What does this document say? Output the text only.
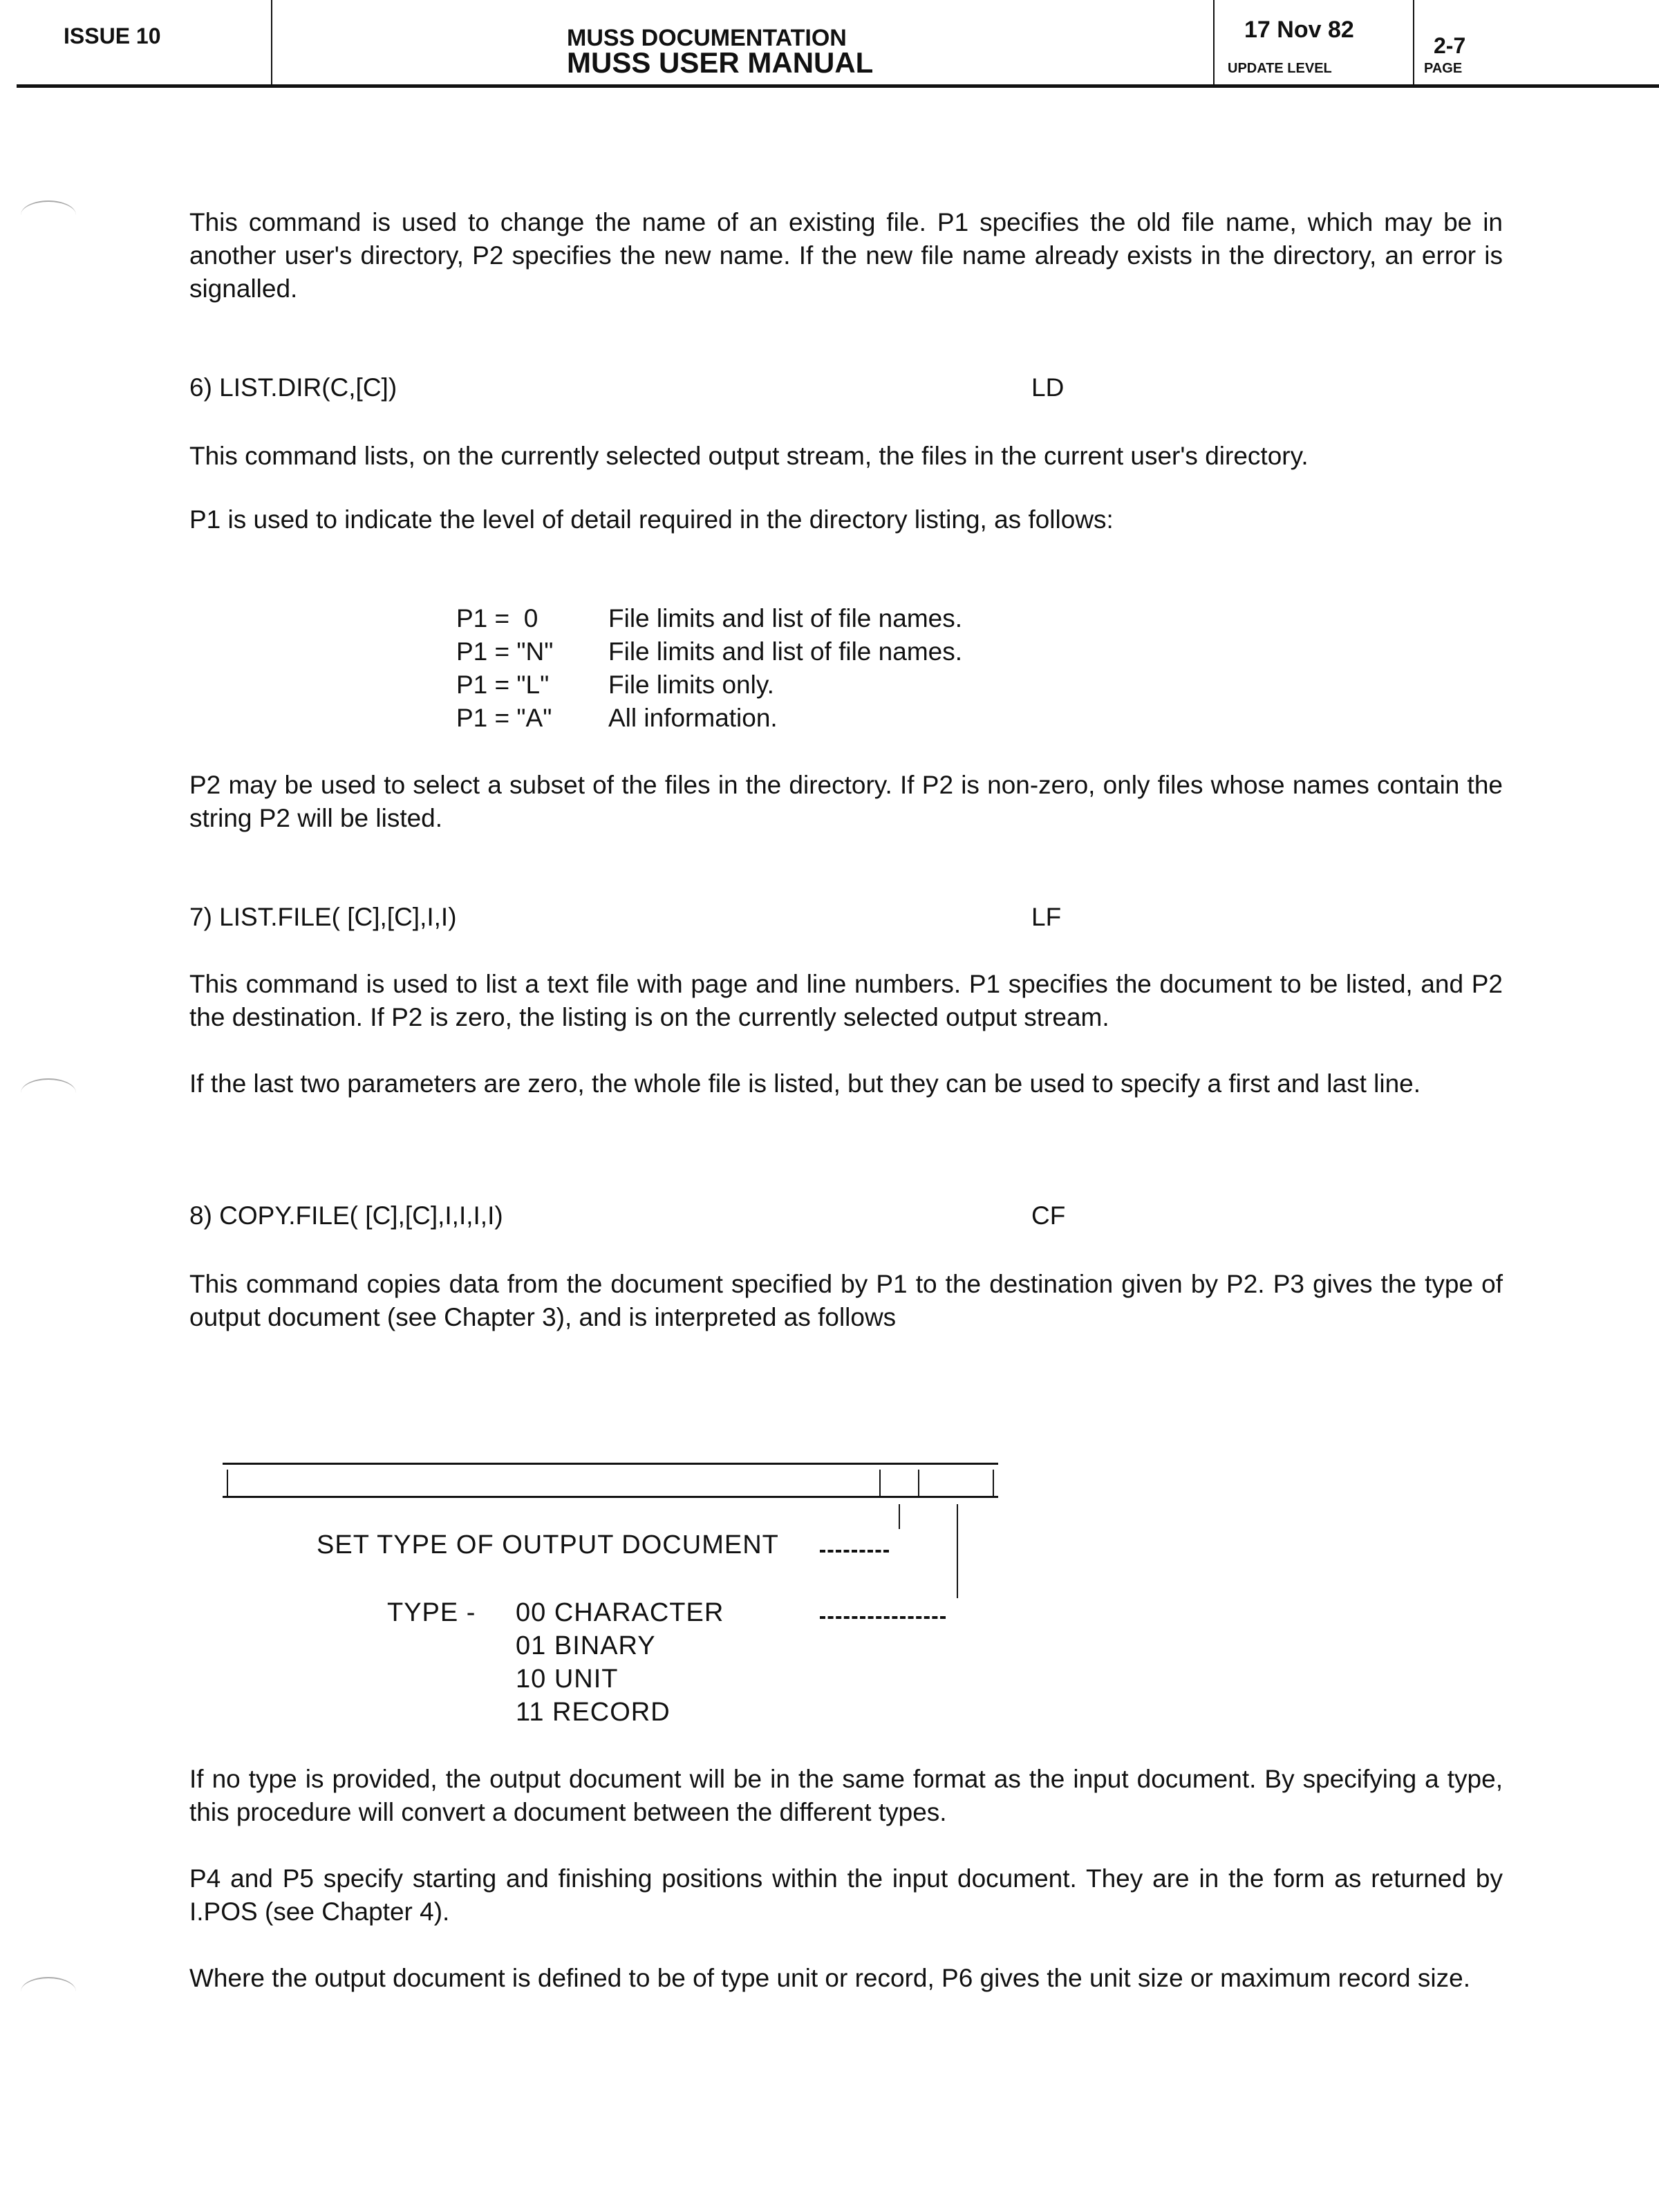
ISSUE 10	MUSS DOCUMENTATION
MUSS USER MANUAL
17 Nov 82
UPDATE LEVEL
2-7
PAGE
This command is used to change the name of an existing file. P1 specifies the old file name, which may be in another user's directory, P2 specifies the new name. If the new file name already exists in the directory, an error is signalled.
6) LIST.DIR(C,[C])	LD
This command lists, on the currently selected output stream, the files in the current user's directory.
P1 is used to indicate the level of detail required in the directory listing, as follows:
P1 =  0	File limits and list of file names.
P1 = "N" File limits and list of file names.
P1 = "L" File limits only.
P1 = "A" All information.
P2 may be used to select a subset of the files in the directory. If P2 is non-zero, only files whose names contain the string P2 will be listed.
7) LIST.FILE( [C],[C],I,I)	LF
This command is used to list a text file with page and line numbers. P1 specifies the document to be listed, and P2 the destination. If P2 is zero, the listing is on the currently selected output stream.
If the last two parameters are zero, the whole file is listed, but they can be used to specify a first and last line.
8) COPY.FILE( [C],[C],I,I,I,I)	CF
This command copies data from the document specified by P1 to the destination given by P2. P3 gives the type of output document (see Chapter 3), and is interpreted as follows
SET TYPE OF OUTPUT DOCUMENT
TYPE - 00 CHARACTER
01 BINARY
10 UNIT
11 RECORD
If no type is provided, the output document will be in the same format as the input document. By specifying a type, this procedure will convert a document between the different types.
P4 and P5 specify starting and finishing positions within the input document. They are in the form as returned by I.POS (see Chapter 4).
Where the output document is defined to be of type unit or record, P6 gives the unit size or maximum record size.
